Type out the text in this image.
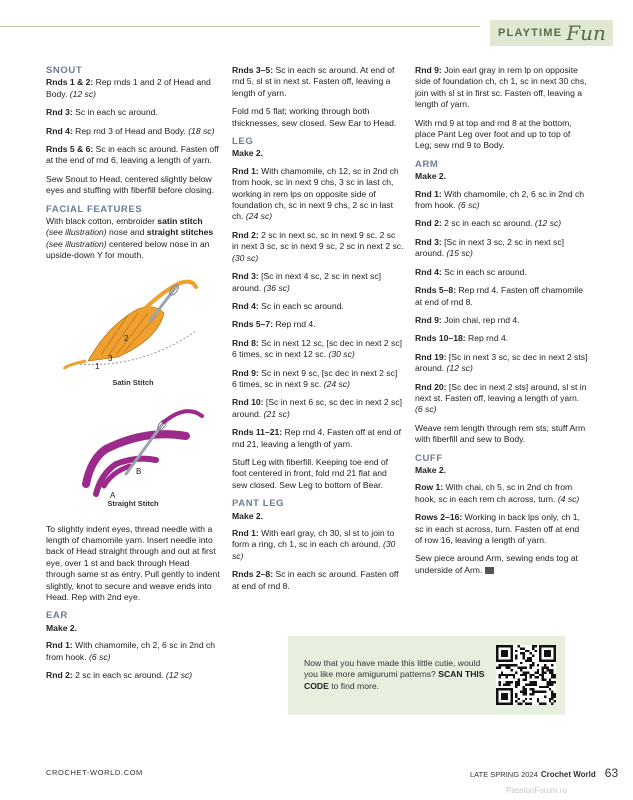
PLAYTIME Fun
SNOUT
Rnds 1 & 2: Rep rnds 1 and 2 of Head and Body. (12 sc)
Rnd 3: Sc in each sc around.
Rnd 4: Rep rnd 3 of Head and Body. (18 sc)
Rnds 5 & 6: Sc in each sc around. Fasten off at the end of rnd 6, leaving a length of yarn.
Sew Snout to Head, centered slightly below eyes and stuffing with fiberfill before closing.
FACIAL FEATURES
With black cotton, embroider satin stitch (see illustration) nose and straight stitches (see illustration) centered below nose in an upside-down Y for mouth.
2
1
3
Satin Stitch
B
A
Straight Stitch
To slightly indent eyes, thread needle with a length of chamomile yarn. Insert needle into back of Head straight through and out at first eye, over 1 st and back through Head through same st as entry. Pull gently to indent slightly, knot to secure and weave ends into Head. Rep with 2nd eye.
EAR
Make 2.
Rnd 1: With chamomile, ch 2, 6 sc in 2nd ch from hook. (6 sc)
Rnd 2: 2 sc in each sc around. (12 sc)
Rnds 3–5: Sc in each sc around. At end of rnd 5, sl st in next st. Fasten off, leaving a length of yarn.
Fold rnd 5 flat; working through both thicknesses, sew closed. Sew Ear to Head.
LEG
Make 2.
Rnd 1: With chamomile, ch 12, sc in 2nd ch from hook, sc in next 9 chs, 3 sc in last ch, working in rem lps on opposite side of foundation ch, sc in next 9 chs, 2 sc in last ch. (24 sc)
Rnd 2: 2 sc in next sc, sc in next 9 sc, 2 sc in next 3 sc, sc in next 9 sc, 2 sc in next 2 sc. (30 sc)
Rnd 3: [Sc in next 4 sc, 2 sc in next sc] around. (36 sc)
Rnd 4: Sc in each sc around.
Rnds 5–7: Rep rnd 4.
Rnd 8: Sc in next 12 sc, [sc dec in next 2 sc] 6 times, sc in next 12 sc. (30 sc)
Rnd 9: Sc in next 9 sc, [sc dec in next 2 sc] 6 times, sc in next 9 sc. (24 sc)
Rnd 10: [Sc in next 6 sc, sc dec in next 2 sc] around. (21 sc)
Rnds 11–21: Rep rnd 4. Fasten off at end of rnd 21, leaving a length of yarn.
Stuff Leg with fiberfill. Keeping toe end of foot centered in front, fold rnd 21 flat and sew closed. Sew Leg to bottom of Bear.
PANT LEG
Make 2.
Rnd 1: With earl gray, ch 30, sl st to join to form a ring, ch 1, sc in each ch around. (30 sc)
Rnds 2–8: Sc in each sc around. Fasten off at end of rnd 8.
Rnd 9: Join earl gray in rem lp on opposite side of foundation ch, ch 1, sc in next 30 chs, join with sl st in first sc. Fasten off, leaving a length of yarn.
With rnd 9 at top and rnd 8 at the bottom, place Pant Leg over foot and up to top of Leg; sew rnd 9 to Body.
ARM
Make 2.
Rnd 1: With chamomile, ch 2, 6 sc in 2nd ch from hook. (6 sc)
Rnd 2: 2 sc in each sc around. (12 sc)
Rnd 3: [Sc in next 3 sc, 2 sc in next sc] around. (15 sc)
Rnd 4: Sc in each sc around.
Rnds 5–8: Rep rnd 4. Fasten off chamomile at end of rnd 8.
Rnd 9: Join chai, rep rnd 4.
Rnds 10–18: Rep rnd 4.
Rnd 19: [Sc in next 3 sc, sc dec in next 2 sts] around. (12 sc)
Rnd 20: [Sc dec in next 2 sts] around, sl st in next st. Fasten off, leaving a length of yarn. (6 sc)
Weave rem length through rem sts; stuff Arm with fiberfill and sew to Body.
CUFF
Make 2.
Row 1: With chai, ch 5, sc in 2nd ch from hook, sc in each rem ch across, turn. (4 sc)
Rows 2–16: Working in back lps only, ch 1, sc in each st across, turn. Fasten off at end of row 16, leaving a length of yarn.
Sew piece around Arm, sewing ends tog at underside of Arm.
Now that you have made this little cutie, would you like more amigurumi patterns? SCAN THIS CODE to find more.
CROCHET-WORLD.COM	LATE SPRING 2024 Crochet World 63
PassionForum.ru
